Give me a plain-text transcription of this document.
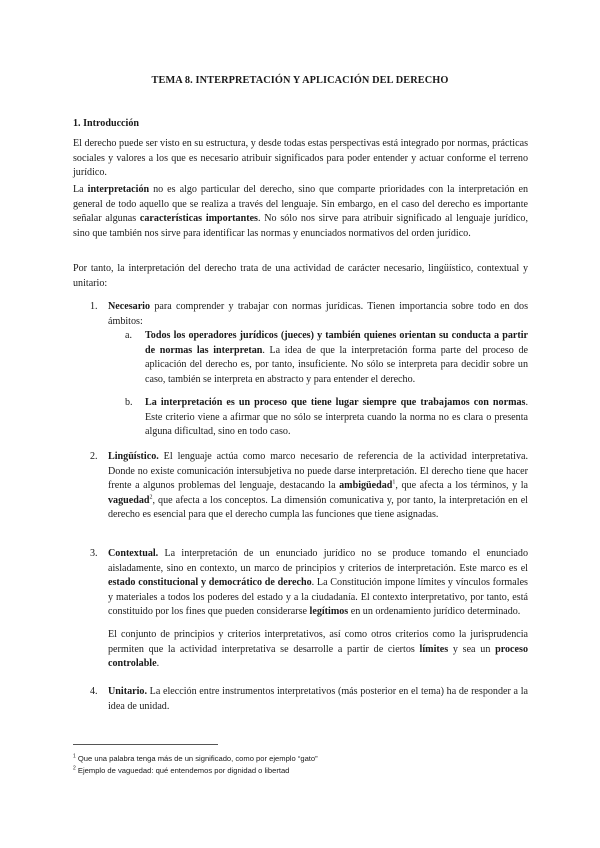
TEMA 8. INTERPRETACIÓN Y APLICACIÓN DEL DERECHO
1. Introducción

El derecho puede ser visto en su estructura, y desde todas estas perspectivas está integrado por normas, prácticas sociales y valores a los que es necesario atribuir significados para poder entender y actuar conforme el terreno jurídico.

La interpretación no es algo particular del derecho, sino que comparte prioridades con la interpretación en general de todo aquello que se realiza a través del lenguaje. Sin embargo, en el caso del derecho es importante señalar algunas características importantes. No sólo nos sirve para atribuir significado al lenguaje jurídico, sino que también nos sirve para identificar las normas y enunciados normativos del orden jurídico.

Por tanto, la interpretación del derecho trata de una actividad de carácter necesario, lingüístico, contextual y unitario:

1. Necesario para comprender y trabajar con normas jurídicas. Tienen importancia sobre todo en dos ámbitos:

a. Todos los operadores jurídicos (jueces) y también quienes orientan su conducta a partir de normas las interpretan. La idea de que la interpretación forma parte del proceso de aplicación del derecho es, por tanto, insuficiente. No sólo se interpreta para decidir sobre un caso, también se interpreta en abstracto y para entender el derecho.

b. La interpretación es un proceso que tiene lugar siempre que trabajamos con normas. Este criterio viene a afirmar que no sólo se interpreta cuando la norma no es clara o presenta alguna dificultad, sino en todo caso.

2. Lingüístico. El lenguaje actúa como marco necesario de referencia de la actividad interpretativa. Donde no existe comunicación intersubjetiva no puede darse interpretación. El derecho tiene que hacer frente a algunos problemas del lenguaje, destacando la ambigüedad$^1$, que afecta a los términos, y la vaguedad$^2$, que afecta a los conceptos. La dimensión comunicativa y, por tanto, la interpretación en el derecho es esencial para que el derecho cumpla las funciones que tiene asignadas.

3. Contextual. La interpretación de un enunciado jurídico no se produce tomando el enunciado aisladamente, sino en contexto, un marco de principios y criterios de interpretación. Este marco es el estado constitucional y democrático de derecho. La Constitución impone límites y vínculos formales y materiales a todos los poderes del estado y a la ciudadanía. El contexto interpretativo, por tanto, está constituido por los fines que pueden considerarse legítimos en un ordenamiento jurídico determinado.

El conjunto de principios y criterios interpretativos, así como otros criterios como la jurisprudencia permiten que la actividad interpretativa se desarrolle a partir de ciertos límites y sea un proceso controlable.

4. Unitario. La elección entre instrumentos interpretativos (más posterior en el tema) ha de responder a la idea de unidad.

$^1$ Que una palabra tenga más de un significado, como por ejemplo “gato”

$^2$ Ejemplo de vaguedad: qué entendemos por dignidad o libertad
